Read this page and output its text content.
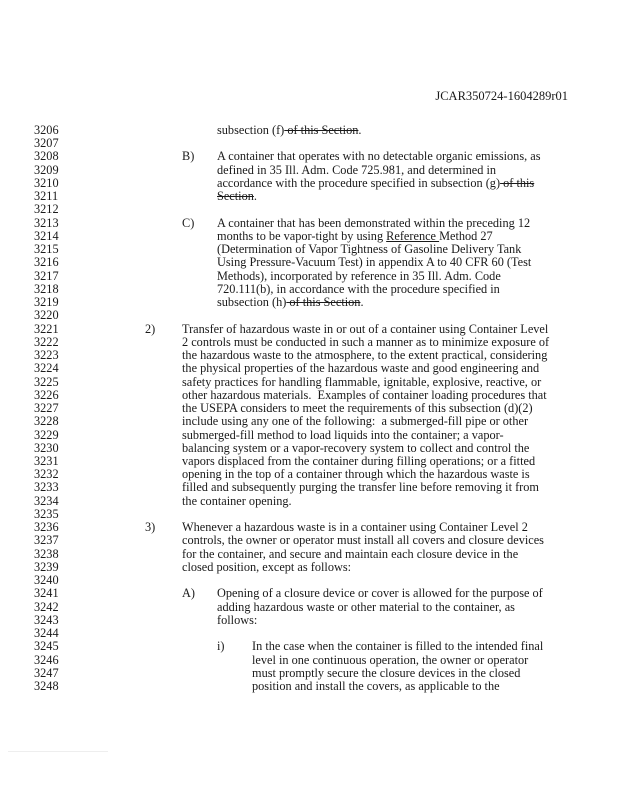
JCAR350724-1604289r01
3206	subsection (f) of this Section.
3207
3208	B) A container that operates with no detectable organic emissions, as
3209	defined in 35 Ill. Adm. Code 725.981, and determined in
3210	accordance with the procedure specified in subsection (g) of this
3211	Section.
3212
3213	C) A container that has been demonstrated within the preceding 12
3214	months to be vapor-tight by using Reference Method 27
3215	(Determination of Vapor Tightness of Gasoline Delivery Tank
3216	Using Pressure-Vacuum Test) in appendix A to 40 CFR 60 (Test
3217	Methods), incorporated by reference in 35 Ill. Adm. Code
3218	720.111(b), in accordance with the procedure specified in
3219	subsection (h) of this Section.
3220
3221	2) Transfer of hazardous waste in or out of a container using Container Level
3222	2 controls must be conducted in such a manner as to minimize exposure of
3223	the hazardous waste to the atmosphere, to the extent practical, considering
3224	the physical properties of the hazardous waste and good engineering and
3225	safety practices for handling flammable, ignitable, explosive, reactive, or
3226	other hazardous materials.  Examples of container loading procedures that
3227	the USEPA considers to meet the requirements of this subsection (d)(2)
3228	include using any one of the following:  a submerged-fill pipe or other
3229	submerged-fill method to load liquids into the container; a vapor-
3230	balancing system or a vapor-recovery system to collect and control the
3231	vapors displaced from the container during filling operations; or a fitted
3232	opening in the top of a container through which the hazardous waste is
3233	filled and subsequently purging the transfer line before removing it from
3234	the container opening.
3235
3236	3) Whenever a hazardous waste is in a container using Container Level 2
3237	controls, the owner or operator must install all covers and closure devices
3238	for the container, and secure and maintain each closure device in the
3239	closed position, except as follows:
3240
3241	A) Opening of a closure device or cover is allowed for the purpose of
3242	adding hazardous waste or other material to the container, as
3243	follows:
3244
3245	i) In the case when the container is filled to the intended final
3246	level in one continuous operation, the owner or operator
3247	must promptly secure the closure devices in the closed
3248	position and install the covers, as applicable to the
